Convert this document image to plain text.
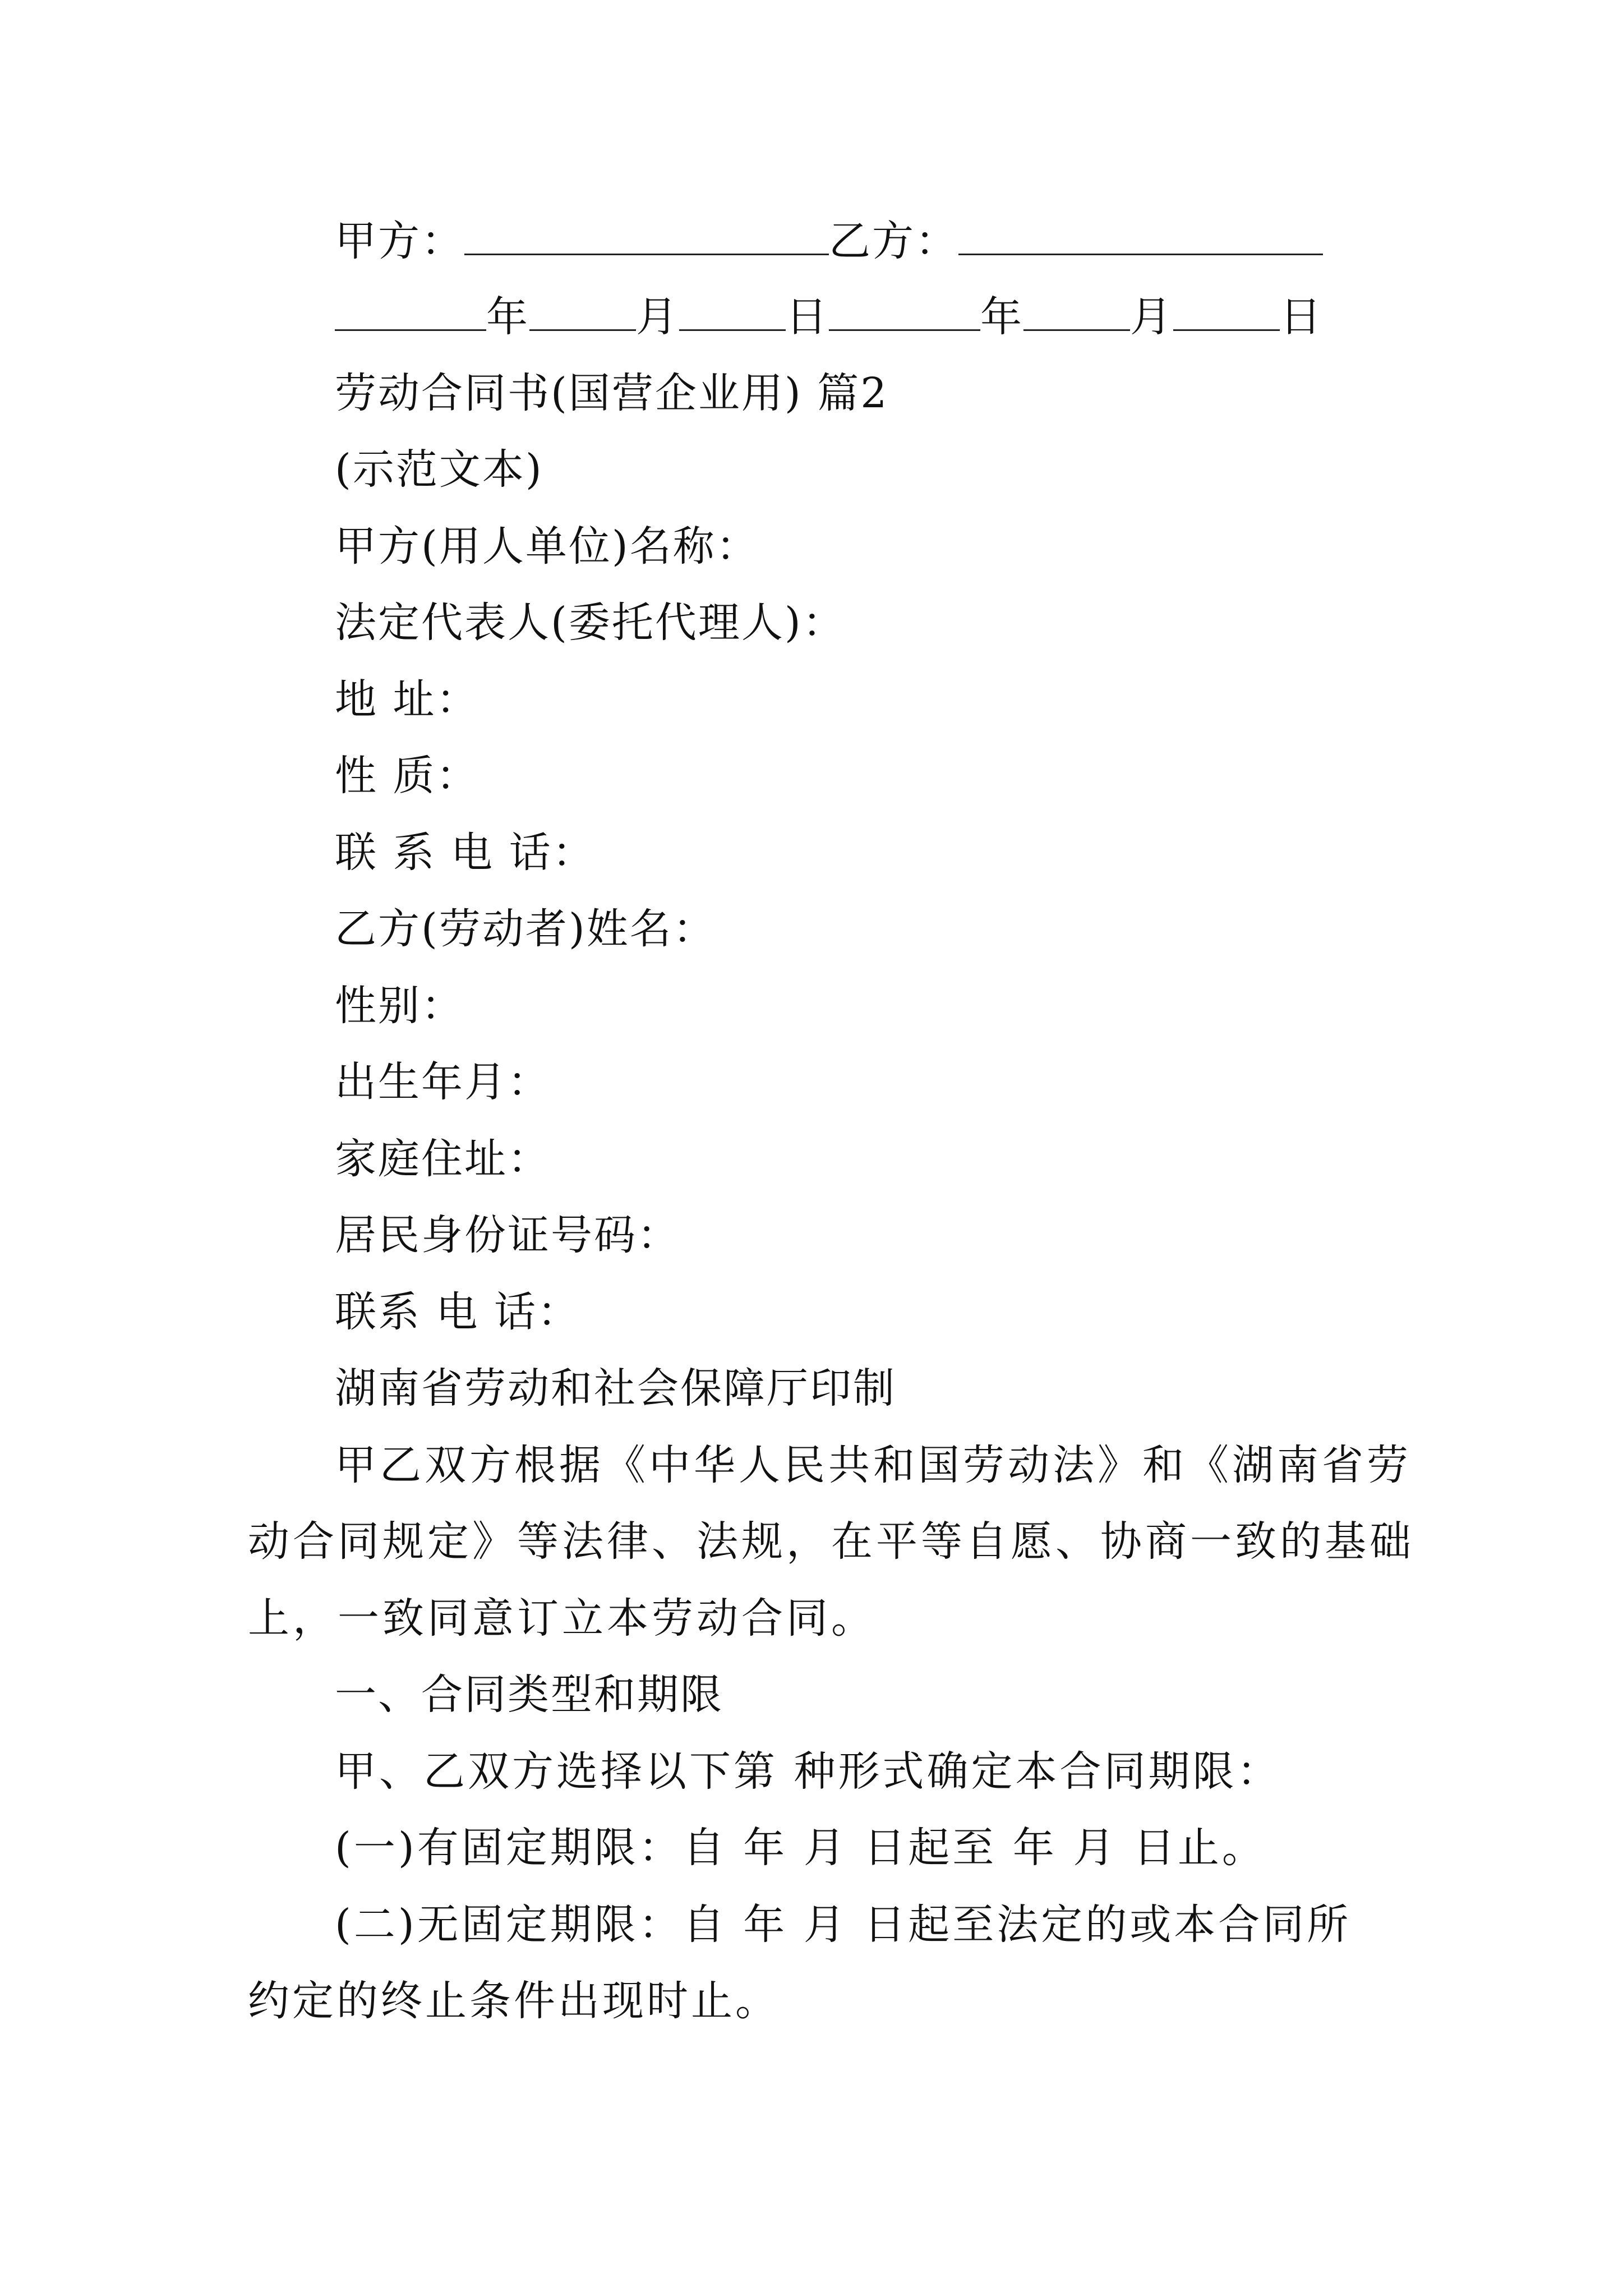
甲方：	乙方：
年	月	日	年	月	日
劳动合同书(国营企业用) 篇2
(示范文本)
甲方(用人单位)名称：
法定代表人(委托代理人)：
地 址：
性 质：
联 系 电 话：
乙方(劳动者)姓名：
性别：
出生年月：
家庭住址：
居民身份证号码：
联系 电 话：
湖南省劳动和社会保障厅印制
甲乙双方根据《中华人民共和国劳动法》和《湖南省劳
动合同规定》等法律、法规，在平等自愿、协商一致的基础
上，一致同意订立本劳动合同。
一、合同类型和期限
甲、乙双方选择以下第 种形式确定本合同期限：
(一)有固定期限：自 年 月 日起至 年 月 日止。
(二)无固定期限：自 年 月 日起至法定的或本合同所
约定的终止条件出现时止。
